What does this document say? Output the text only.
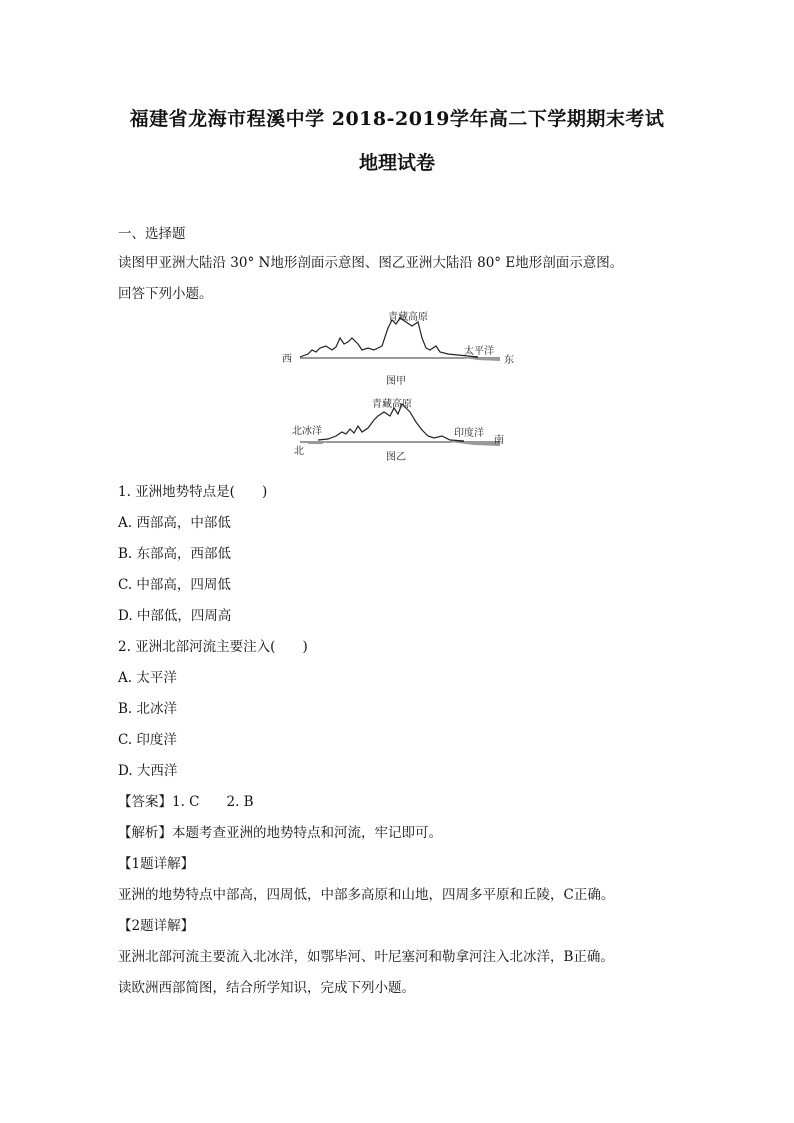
福建省龙海市程溪中学 2018-2019学年高二下学期期末考试
地理试卷
一、选择题
读图甲亚洲大陆沿 30° N地形剖面示意图、图乙亚洲大陆沿 80° E地形剖面示意图。
回答下列小题。
青藏高原
西	东
太平洋
图甲
青藏高原
北冰洋
北
印度洋
南
图乙
1. 亚洲地势特点是(　　)
A. 西部高，中部低
B. 东部高，西部低
C. 中部高，四周低
D. 中部低，四周高
2. 亚洲北部河流主要注入(　　)
A. 太平洋
B. 北冰洋
C. 印度洋
D. 大西洋
【答案】1. C　　2. B
【解析】本题考查亚洲的地势特点和河流，牢记即可。
【1题详解】
亚洲的地势特点中部高，四周低，中部多高原和山地，四周多平原和丘陵，C正确。
【2题详解】
亚洲北部河流主要流入北冰洋，如鄂毕河、叶尼塞河和勒拿河注入北冰洋，B正确。
读欧洲西部简图，结合所学知识，完成下列小题。
